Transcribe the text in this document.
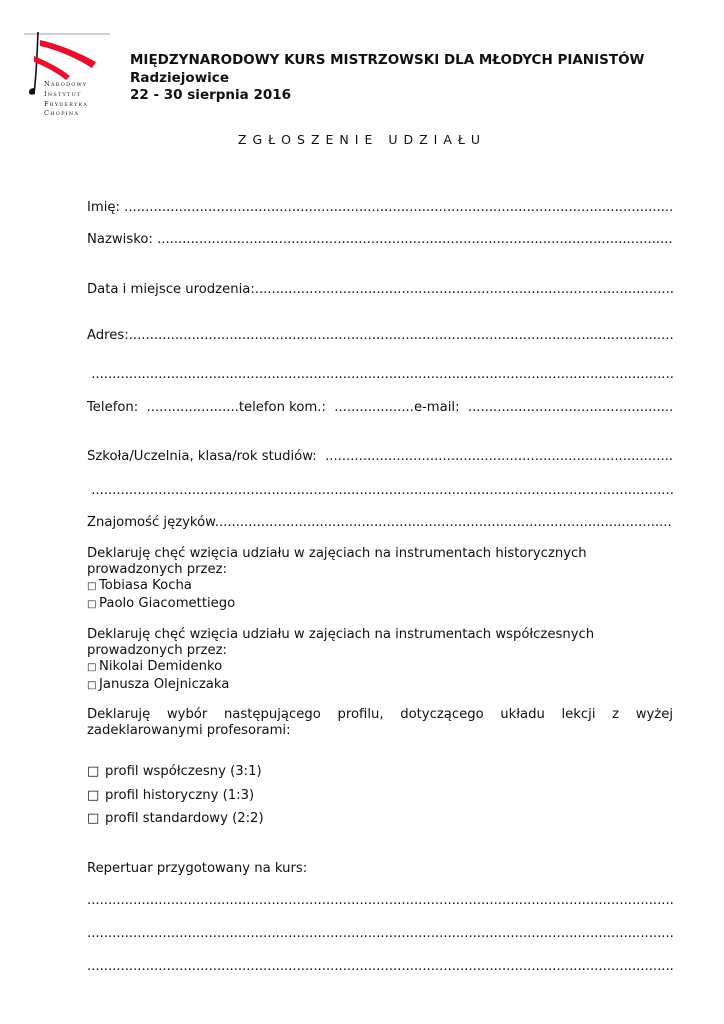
Narodowy
Instytut
Fryderyka
Chopina
MIĘDZYNARODOWY KURS MISTRZOWSKI DLA MŁODYCH PIANISTÓW
Radziejowice
22 - 30 sierpnia 2016
ZGŁOSZENIE UDZIAŁU
Imię:  .....
Nazwisko:  .....
Data i miejsce urodzenia: .....
Adres: .....
.....
Telefon:  ......................telefon kom.:  ...................e-mail:   .....
Szkoła/Uczelnia, klasa/rok studiów:   .....
.....
Znajomość języków .....
Deklaruję chęć wzięcia udziału w zajęciach na instrumentach historycznych
prowadzonych przez:
□ Tobiasa Kocha
□ Paolo Giacomettiego
Deklaruję chęć wzięcia udziału w zajęciach na instrumentach współczesnych
prowadzonych przez:
□ Nikolai Demidenko
□ Janusza Olejniczaka
Deklaruję wybór następującego profilu, dotyczącego układu lekcji z wyżej zadeklarowanymi profesorami:
□ profil współczesny (3:1)
□ profil historyczny (1:3)
□ profil standardowy (2:2)
Repertuar przygotowany na kurs:
.....
.....
.....
